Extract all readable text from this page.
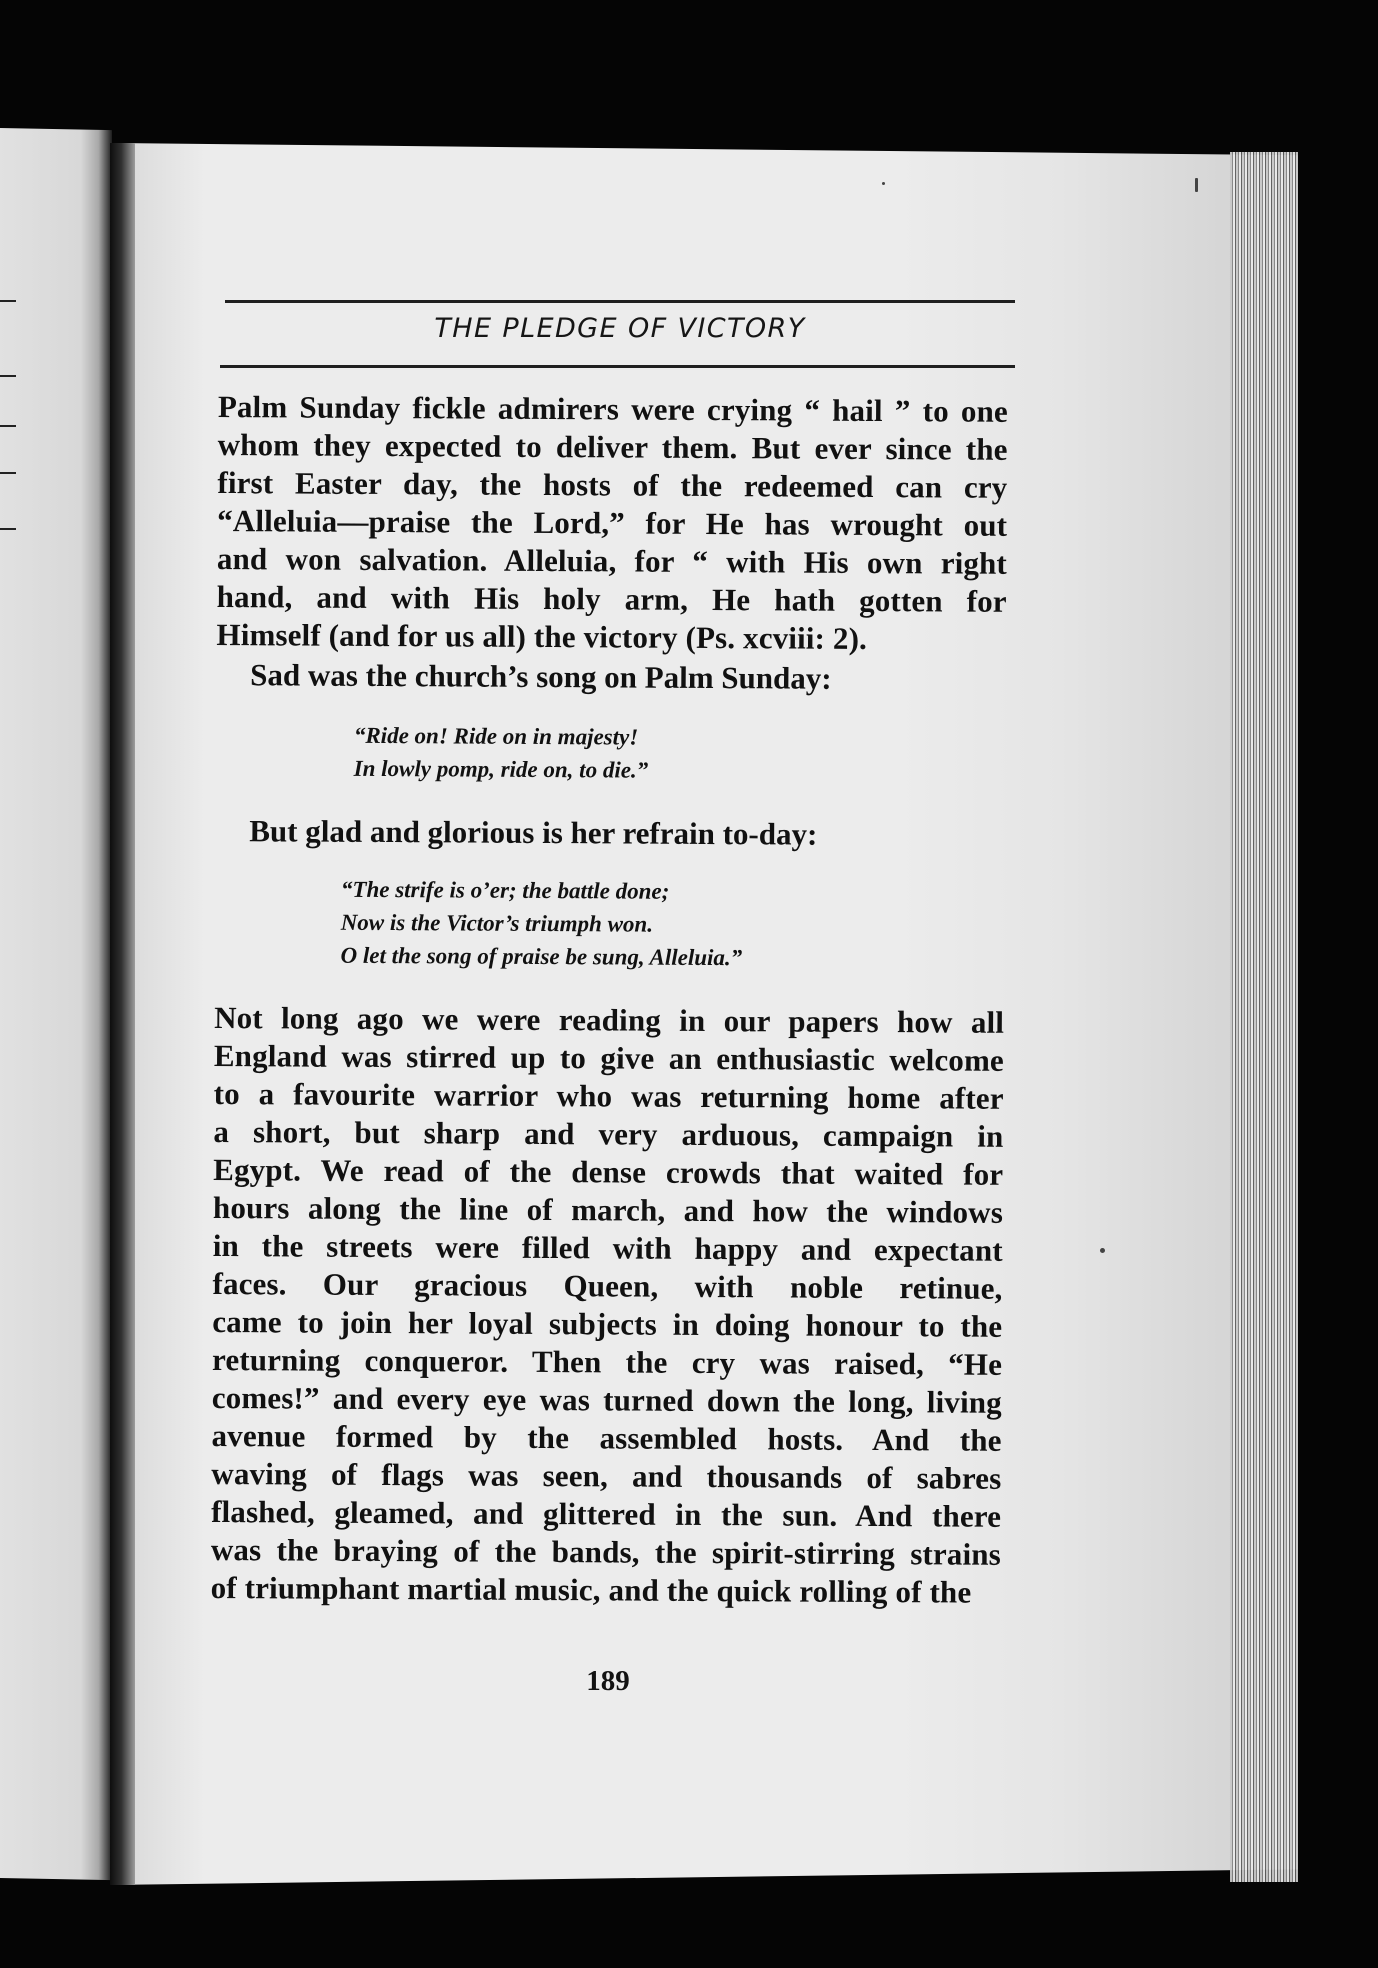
THE PLEDGE OF VICTORY
Palm Sunday fickle admirers were crying “ hail ” to one
whom they expected to deliver them. But ever since the
first Easter day, the hosts of the redeemed can cry
“Alleluia—praise the Lord,” for He has wrought out
and won salvation. Alleluia, for “ with His own right
hand, and with His holy arm, He hath gotten for
Himself (and for us all) the victory (Ps. xcviii: 2).
Sad was the church’s song on Palm Sunday:
“Ride on! Ride on in majesty!
In lowly pomp, ride on, to die.”
But glad and glorious is her refrain to-day:
“The strife is o’er; the battle done;
Now is the Victor’s triumph won.
O let the song of praise be sung, Alleluia.”
Not long ago we were reading in our papers how all
England was stirred up to give an enthusiastic welcome
to a favourite warrior who was returning home after
a short, but sharp and very arduous, campaign in
Egypt. We read of the dense crowds that waited for
hours along the line of march, and how the windows
in the streets were filled with happy and expectant
faces. Our gracious Queen, with noble retinue,
came to join her loyal subjects in doing honour to the
returning conqueror. Then the cry was raised, “He
comes!” and every eye was turned down the long, living
avenue formed by the assembled hosts. And the
waving of flags was seen, and thousands of sabres
flashed, gleamed, and glittered in the sun. And there
was the braying of the bands, the spirit-stirring strains
of triumphant martial music, and the quick rolling of the
189
